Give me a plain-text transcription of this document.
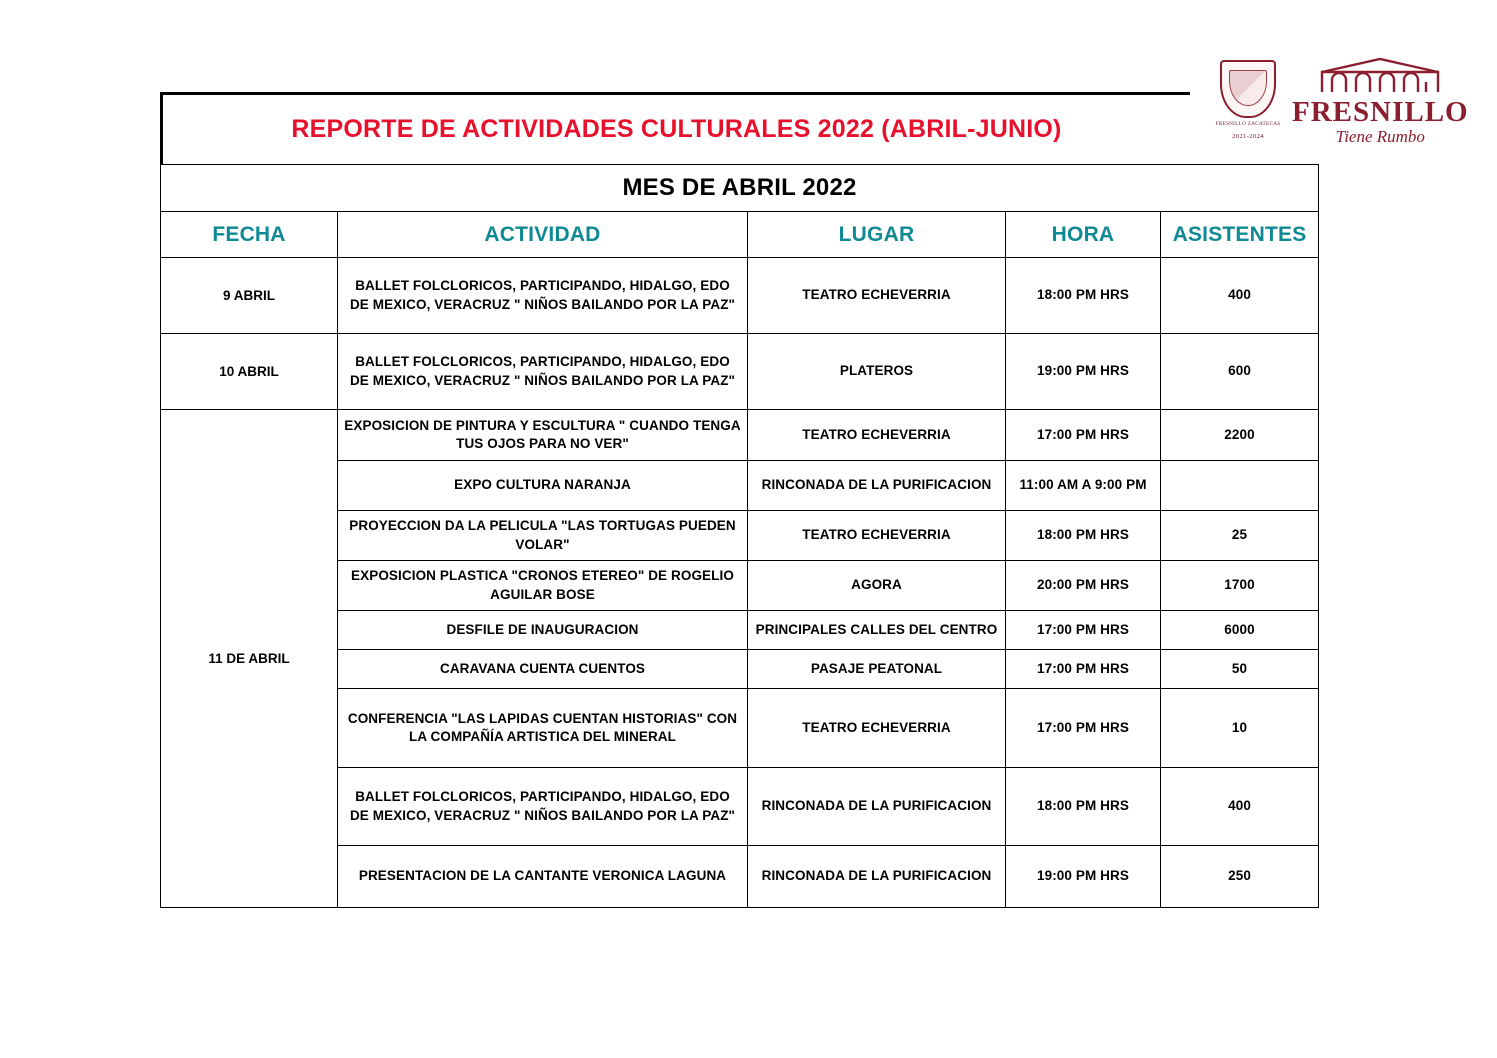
FRESNILLO ZACATECAS
2021-2024
FRESNILLO
Tiene Rumbo
REPORTE DE ACTIVIDADES CULTURALES 2022 (ABRIL-JUNIO)
MES DE ABRIL 2022				
FECHA	ACTIVIDAD	LUGAR	HORA	ASISTENTES
9 ABRIL	BALLET FOLCLORICOS, PARTICIPANDO, HIDALGO, EDO DE MEXICO, VERACRUZ " NIÑOS BAILANDO POR LA PAZ"	TEATRO ECHEVERRIA	18:00 PM HRS	400
10 ABRIL	BALLET FOLCLORICOS, PARTICIPANDO, HIDALGO, EDO DE MEXICO, VERACRUZ " NIÑOS BAILANDO POR LA PAZ"	PLATEROS	19:00 PM HRS	600
11 DE ABRIL	EXPOSICION DE PINTURA Y ESCULTURA " CUANDO TENGA TUS OJOS PARA NO VER"	TEATRO ECHEVERRIA	17:00 PM HRS	2200
	EXPO CULTURA NARANJA	RINCONADA DE LA PURIFICACION	11:00 AM A 9:00 PM	
	PROYECCION DA LA PELICULA "LAS TORTUGAS PUEDEN VOLAR"	TEATRO ECHEVERRIA	18:00 PM HRS	25
	EXPOSICION PLASTICA "CRONOS ETEREO" DE ROGELIO AGUILAR BOSE	AGORA	20:00 PM HRS	1700
	DESFILE DE INAUGURACION	PRINCIPALES CALLES DEL CENTRO	17:00 PM HRS	6000
	CARAVANA CUENTA CUENTOS	PASAJE PEATONAL	17:00 PM HRS	50
	CONFERENCIA "LAS LAPIDAS CUENTAN HISTORIAS" CON LA COMPAÑÍA ARTISTICA DEL MINERAL	TEATRO ECHEVERRIA	17:00 PM HRS	10
	BALLET FOLCLORICOS, PARTICIPANDO, HIDALGO, EDO DE MEXICO, VERACRUZ " NIÑOS BAILANDO POR LA PAZ"	RINCONADA DE LA PURIFICACION	18:00 PM HRS	400
	PRESENTACION DE LA CANTANTE VERONICA LAGUNA	RINCONADA DE LA PURIFICACION	19:00 PM HRS	250
